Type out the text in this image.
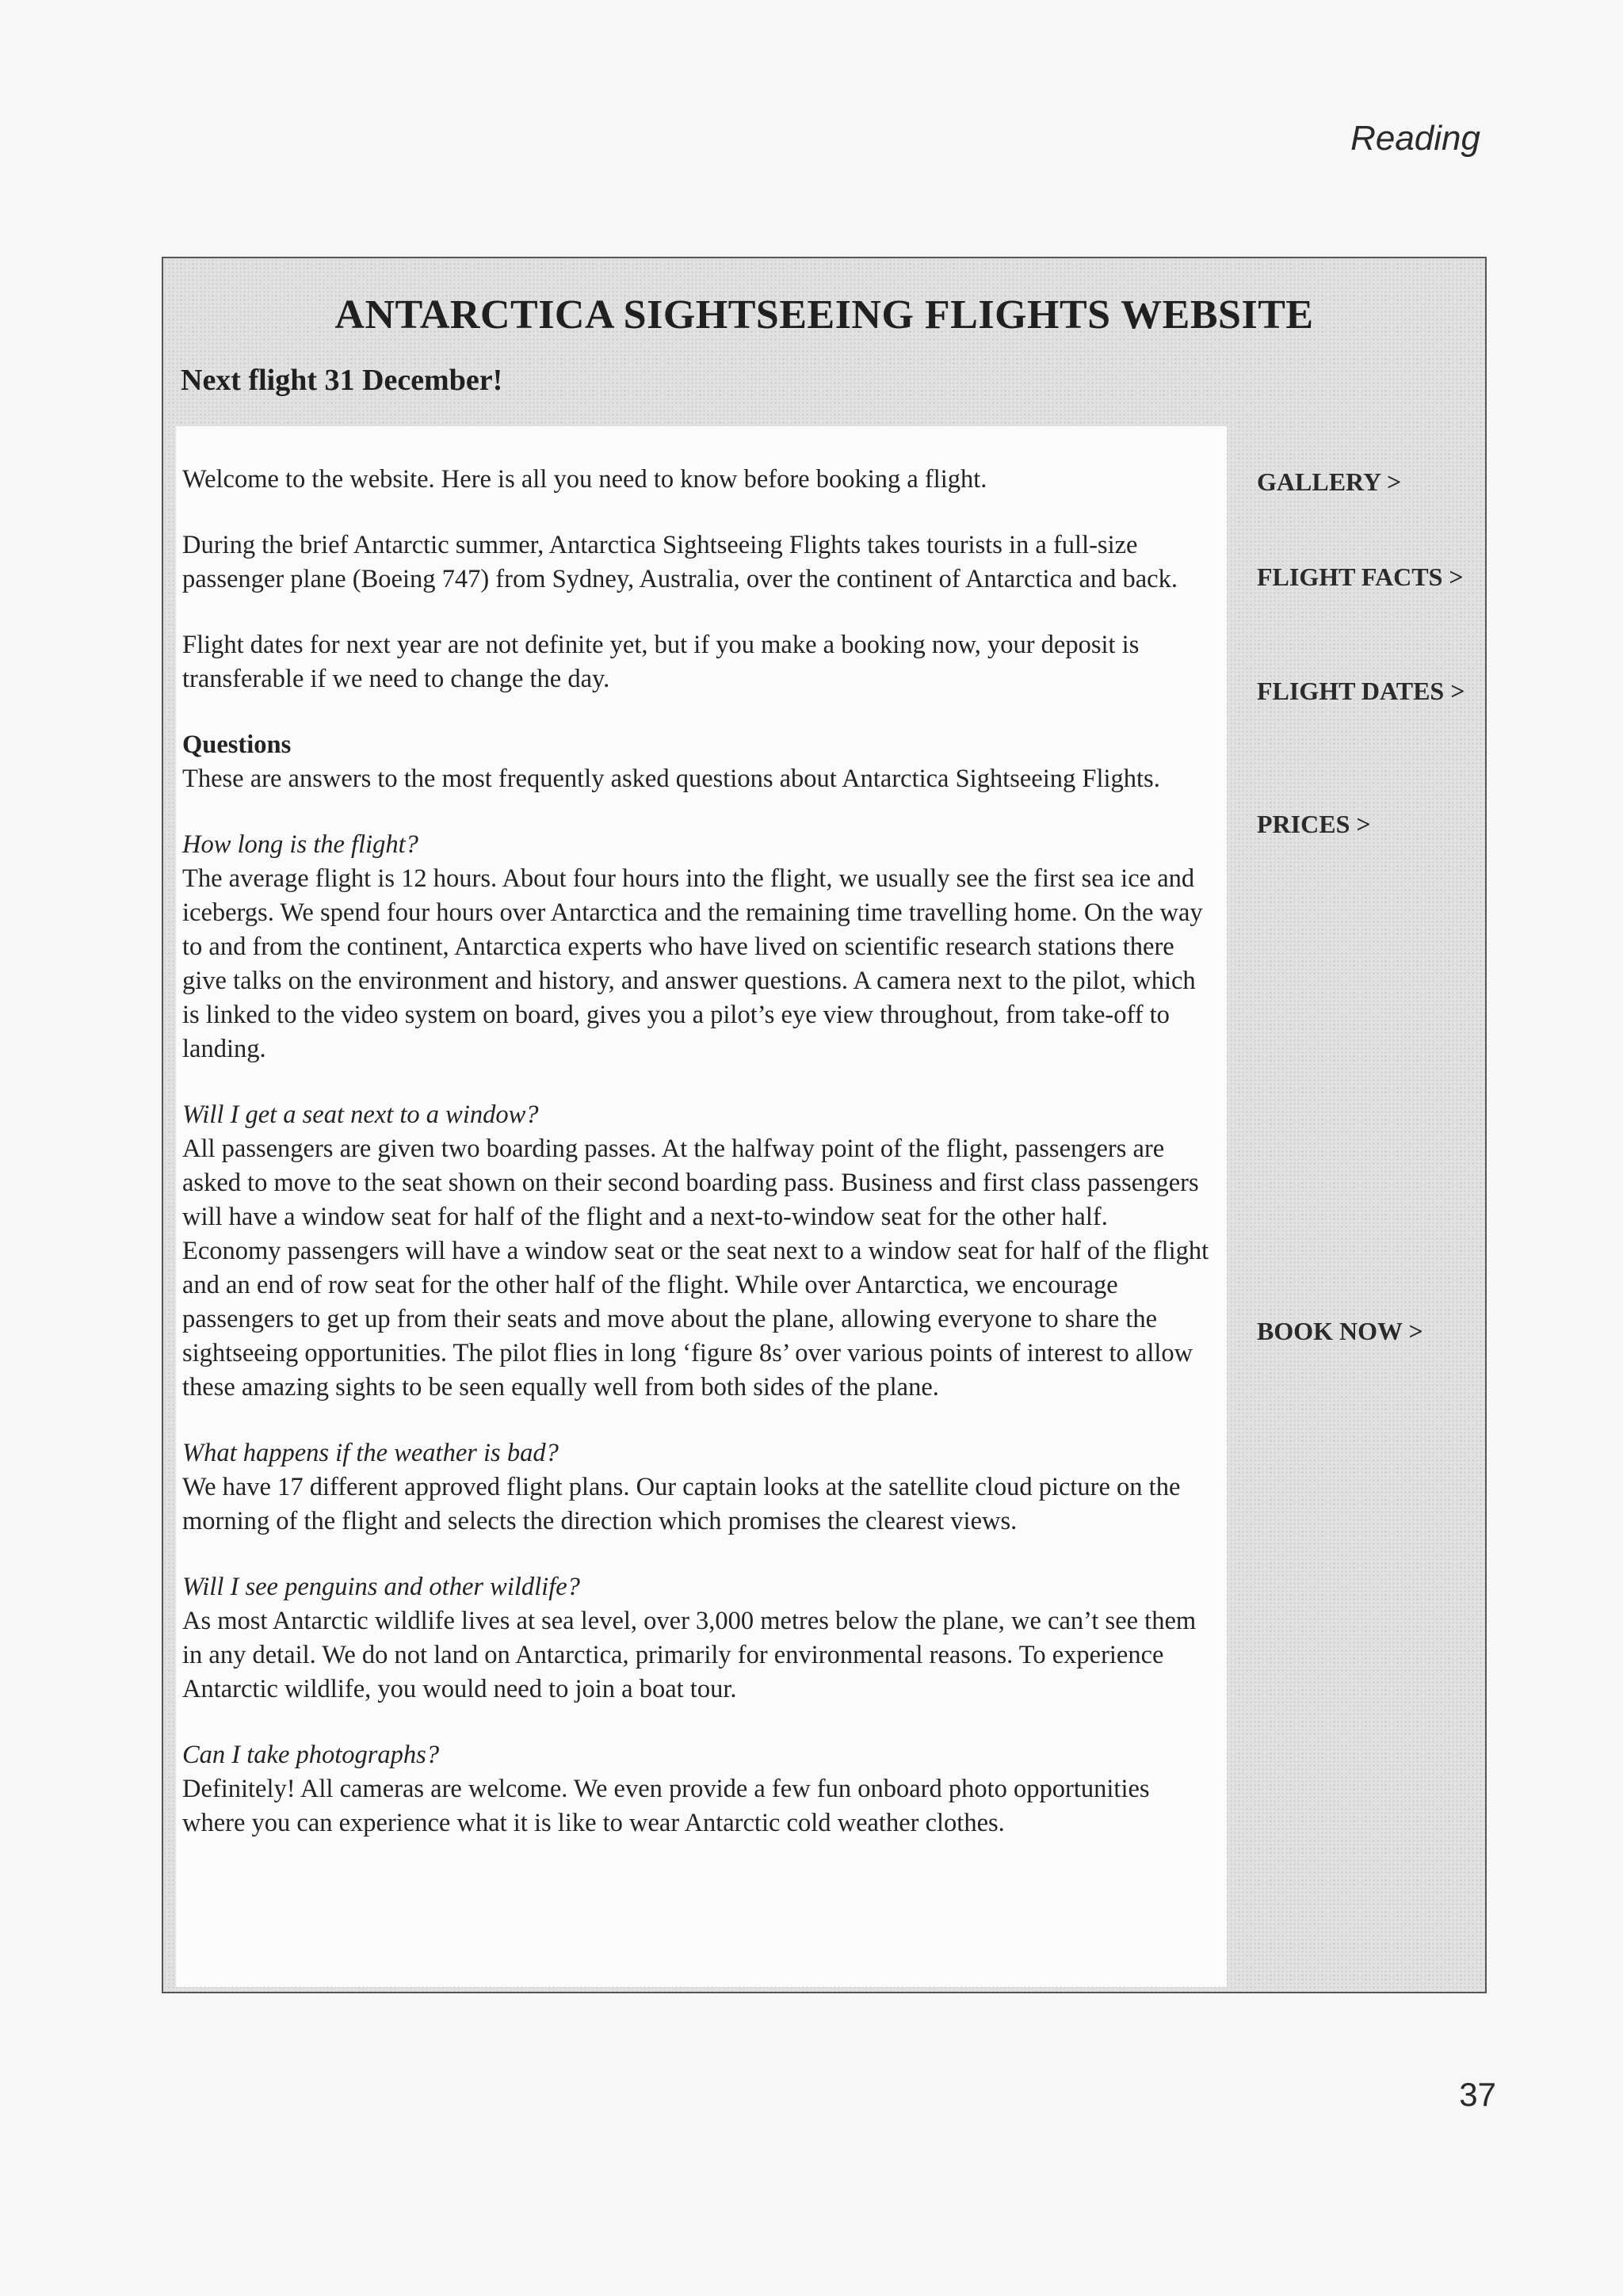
Reading
ANTARCTICA SIGHTSEEING FLIGHTS WEBSITE
Next flight 31 December!

Welcome to the website. Here is all you need to know before booking a flight.

During the brief Antarctic summer, Antarctica Sightseeing Flights takes tourists in a full-size passenger plane (Boeing 747) from Sydney, Australia, over the continent of Antarctica and back.

Flight dates for next year are not definite yet, but if you make a booking now, your deposit is transferable if we need to change the day.

Questions
These are answers to the most frequently asked questions about Antarctica Sightseeing Flights.

How long is the flight?
The average flight is 12 hours. About four hours into the flight, we usually see the first sea ice and icebergs. We spend four hours over Antarctica and the remaining time travelling home. On the way to and from the continent, Antarctica experts who have lived on scientific research stations there give talks on the environment and history, and answer questions. A camera next to the pilot, which is linked to the video system on board, gives you a pilot’s eye view throughout, from take-off to landing.

Will I get a seat next to a window?
All passengers are given two boarding passes. At the halfway point of the flight, passengers are asked to move to the seat shown on their second boarding pass. Business and first class passengers will have a window seat for half of the flight and a next-to-window seat for the other half. Economy passengers will have a window seat or the seat next to a window seat for half of the flight and an end of row seat for the other half of the flight. While over Antarctica, we encourage passengers to get up from their seats and move about the plane, allowing everyone to share the sightseeing opportunities. The pilot flies in long ‘figure 8s’ over various points of interest to allow these amazing sights to be seen equally well from both sides of the plane.

What happens if the weather is bad?
We have 17 different approved flight plans. Our captain looks at the satellite cloud picture on the morning of the flight and selects the direction which promises the clearest views.

Will I see penguins and other wildlife?
As most Antarctic wildlife lives at sea level, over 3,000 metres below the plane, we can’t see them in any detail. We do not land on Antarctica, primarily for environmental reasons. To experience Antarctic wildlife, you would need to join a boat tour.

Can I take photographs?
Definitely! All cameras are welcome. We even provide a few fun onboard photo opportunities where you can experience what it is like to wear Antarctic cold weather clothes.

GALLERY >
FLIGHT FACTS >
FLIGHT DATES >
PRICES >
BOOK NOW >
37
